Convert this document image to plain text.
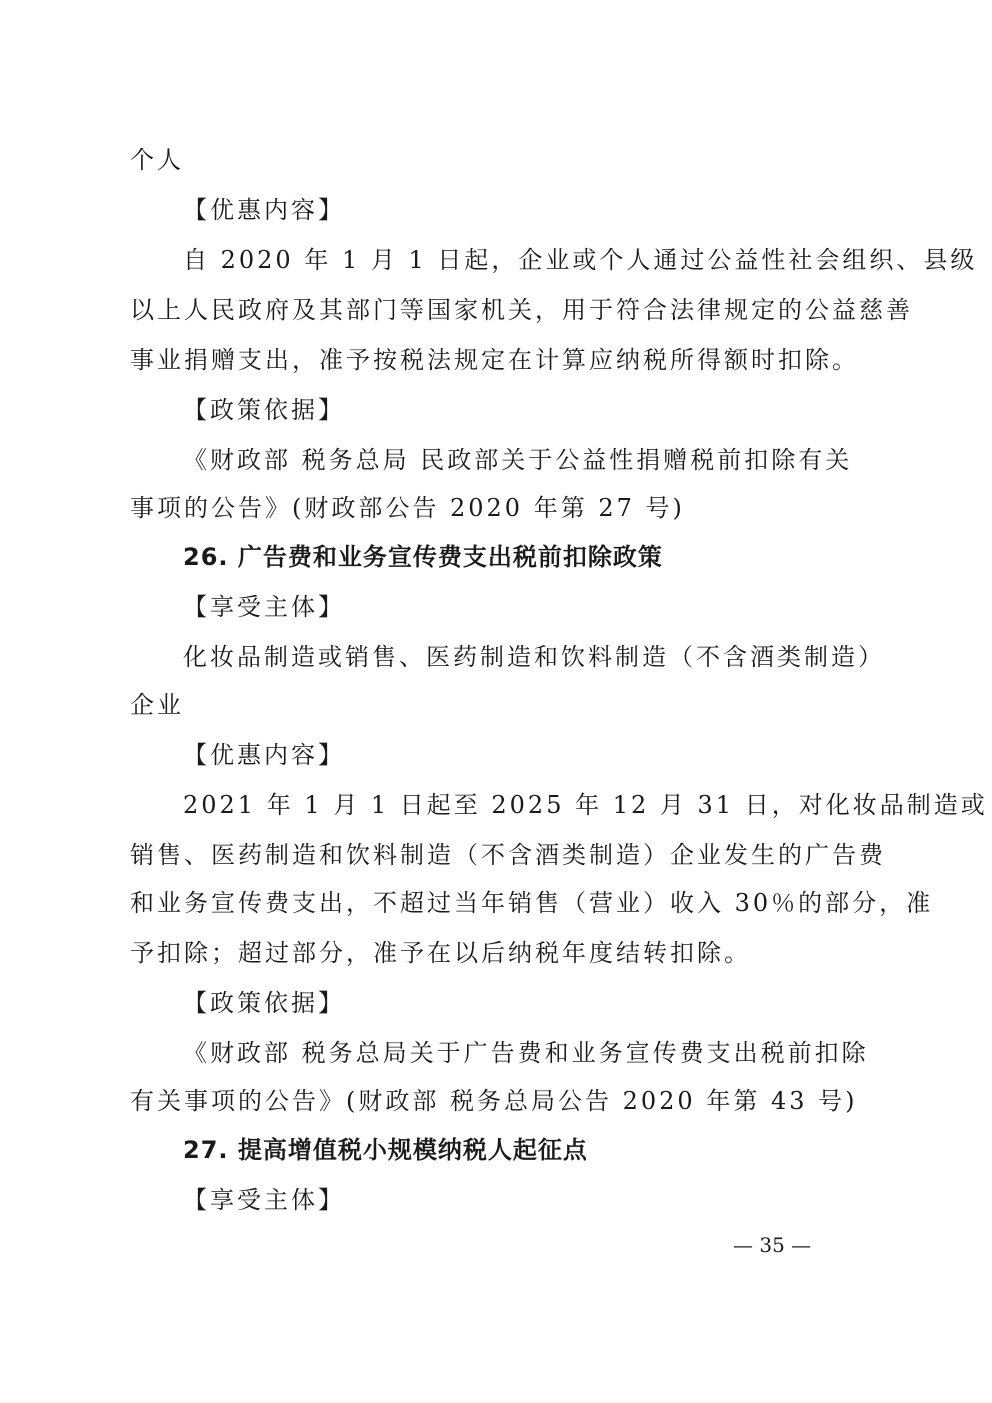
个人
【优惠内容】
自 2020 年 1 月 1 日起，企业或个人通过公益性社会组织、县级
以上人民政府及其部门等国家机关，用于符合法律规定的公益慈善
事业捐赠支出，准予按税法规定在计算应纳税所得额时扣除。
【政策依据】
《财政部 税务总局 民政部关于公益性捐赠税前扣除有关
事项的公告》(财政部公告 2020 年第 27 号)
26. 广告费和业务宣传费支出税前扣除政策
【享受主体】
化妆品制造或销售、医药制造和饮料制造（不含酒类制造）
企业
【优惠内容】
2021 年 1 月 1 日起至 2025 年 12 月 31 日，对化妆品制造或
销售、医药制造和饮料制造（不含酒类制造）企业发生的广告费
和业务宣传费支出，不超过当年销售（营业）收入 30％的部分，准
予扣除；超过部分，准予在以后纳税年度结转扣除。
【政策依据】
《财政部 税务总局关于广告费和业务宣传费支出税前扣除
有关事项的公告》(财政部 税务总局公告 2020 年第 43 号)
27. 提高增值税小规模纳税人起征点
【享受主体】
— 35 —
